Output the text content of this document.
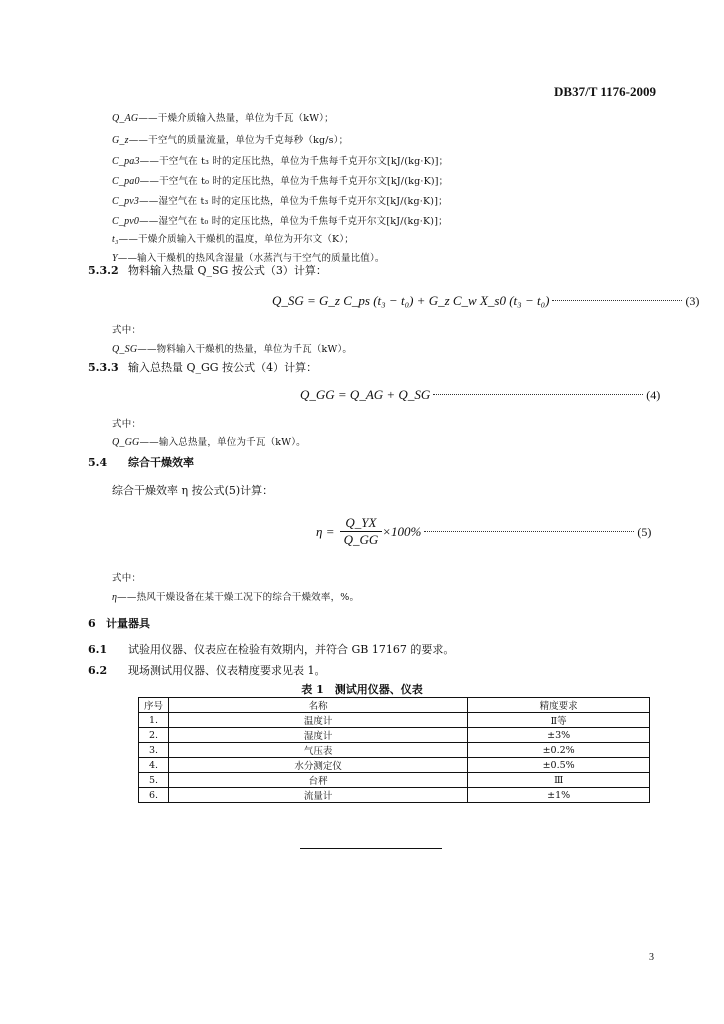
DB37/T 1176-2009
Q_AG——干燥介质输入热量，单位为千瓦（kW）；
G_z——干空气的质量流量，单位为千克每秒（kg/s）；
C_pa3——干空气在 t₃ 时的定压比热，单位为千焦每千克开尔文[kJ/(kg·K)]；
C_pa0——干空气在 t₀ 时的定压比热，单位为千焦每千克开尔文[kJ/(kg·K)]；
C_pv3——湿空气在 t₃ 时的定压比热，单位为千焦每千克开尔文[kJ/(kg·K)]；
C_pv0——湿空气在 t₀ 时的定压比热，单位为千焦每千克开尔文[kJ/(kg·K)]；
t₃——干燥介质输入干燥机的温度，单位为开尔文（K）；
Y——输入干燥机的热风含湿量（水蒸汽与干空气的质量比值）。
5.3.2 物料输入热量 Q_SG 按公式（3）计算：
Q_SG = G_z C_ps (t₃ − t₀) + G_z C_w X_s0 (t₃ − t₀)	(3)
式中：
Q_SG——物料输入干燥机的热量，单位为千瓦（kW）。
5.3.3 输入总热量 Q_GG 按公式（4）计算：
Q_GG = Q_AG + Q_SG	(4)
式中：
Q_GG——输入总热量，单位为千瓦（kW）。
5.4 综合干燥效率
综合干燥效率 η 按公式(5)计算：
$\eta = \frac{Q\_YX}{Q\_GG} \times 100\%$	(5)
式中：
η——热风干燥设备在某干燥工况下的综合干燥效率，%。
6 计量器具
6.1 试验用仪器、仪表应在检验有效期内，并符合 GB 17167 的要求。
6.2 现场测试用仪器、仪表精度要求见表 1。
表 1　测试用仪器、仪表
序号	名称	精度要求
1.	温度计	Ⅱ等
2.	湿度计	±3%
3.	气压表	±0.2%
4.	水分测定仪	±0.5%
5.	台秤	Ⅲ
6.	流量计	±1%
3
